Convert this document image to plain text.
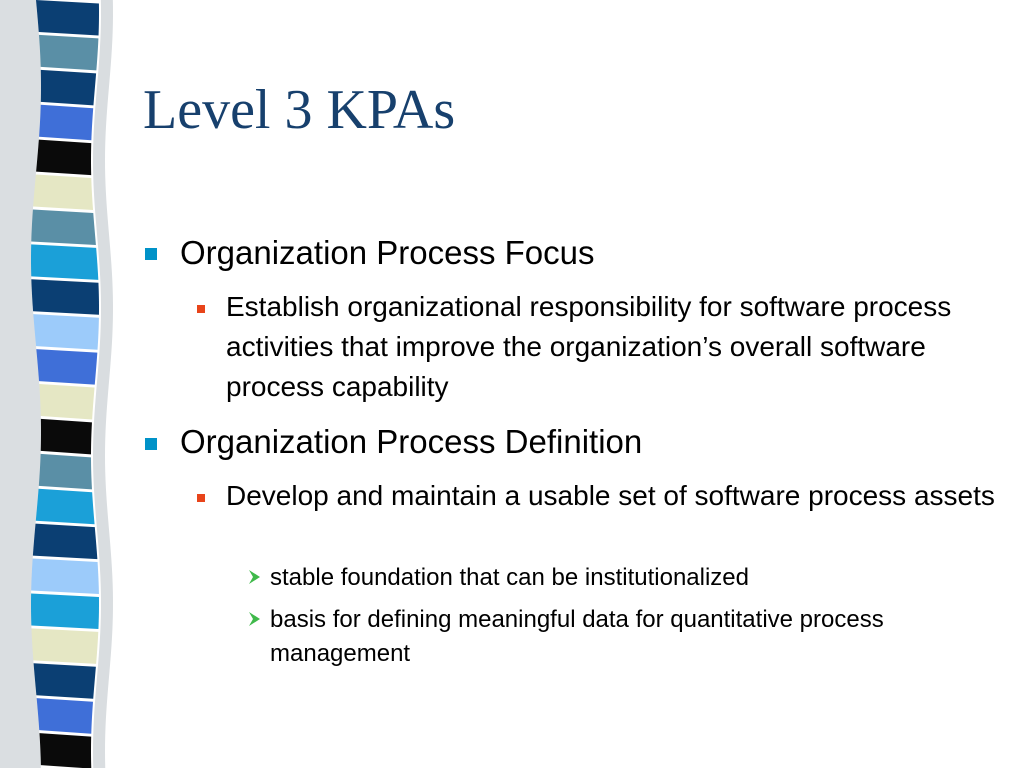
Level 3 KPAs
Organization Process Focus
Establish organizational responsibility for software process activities that improve the organization’s overall software process capability
Organization Process Definition
Develop and maintain a usable set of software process assets
stable foundation that can be institutionalized
basis for defining meaningful data for quantitative process management
